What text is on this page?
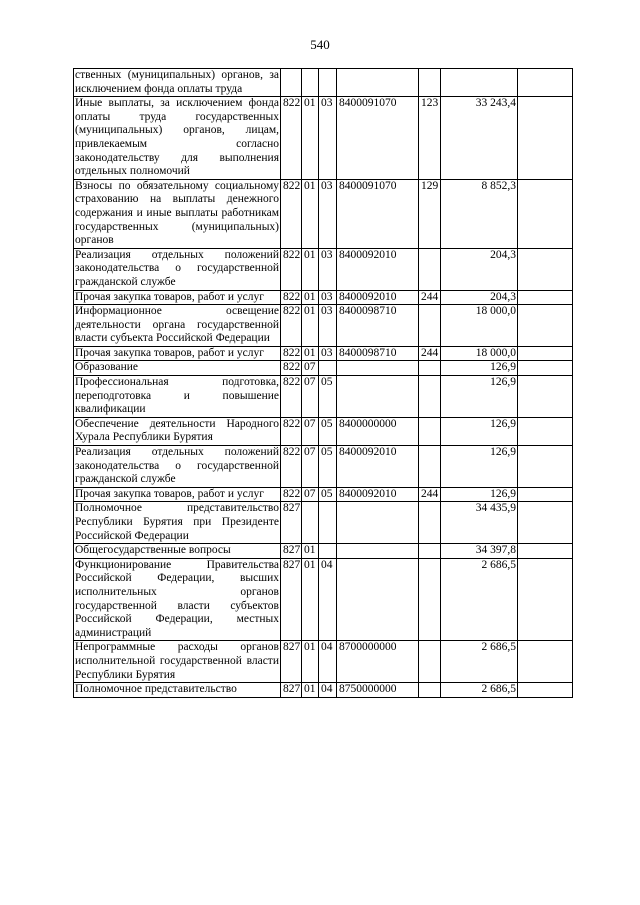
540
ственных (муниципальных) органов, за исключением фонда оплаты труда							
Иные выплаты, за исключением фонда оплаты труда государственных (муниципальных) органов, лицам, привлекаемым согласно законодательству для выполнения отдельных полномочий	822	01	03	8400091070	123	33 243,4	
Взносы по обязательному социальному страхованию на выплаты денежного содержания и иные выплаты работникам государственных (муниципальных) органов	822	01	03	8400091070	129	8 852,3	
Реализация отдельных положений законодательства о государственной гражданской службе	822	01	03	8400092010		204,3	
Прочая закупка товаров, работ и услуг	822	01	03	8400092010	244	204,3	
Информационное освещение деятельности органа государственной власти субъекта Российской Федерации	822	01	03	8400098710		18 000,0	
Прочая закупка товаров, работ и услуг	822	01	03	8400098710	244	18 000,0	
Образование	822	07				126,9	
Профессиональная подготовка, переподготовка и повышение квалификации	822	07	05			126,9	
Обеспечение деятельности Народного Хурала Республики Бурятия	822	07	05	8400000000		126,9	
Реализация отдельных положений законодательства о государственной гражданской службе	822	07	05	8400092010		126,9	
Прочая закупка товаров, работ и услуг	822	07	05	8400092010	244	126,9	
Полномочное представительство Республики Бурятия при Президенте Российской Федерации	827					34 435,9	
Общегосударственные вопросы	827	01				34 397,8	
Функционирование Правительства Российской Федерации, высших исполнительных органов государственной власти субъектов Российской Федерации, местных администраций	827	01	04			2 686,5	
Непрограммные расходы органов исполнительной государственной власти Республики Бурятия	827	01	04	8700000000		2 686,5	
Полномочное представительство	827	01	04	8750000000		2 686,5	
